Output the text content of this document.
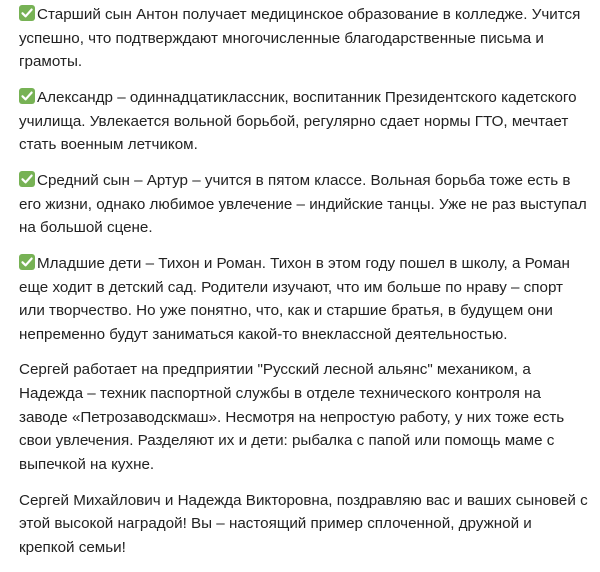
Старший сын Антон получает медицинское образование в колледже. Учится успешно, что подтверждают многочисленные благодарственные письма и грамоты.

Александр – одиннадцатиклассник, воспитанник Президентского кадетского училища. Увлекается вольной борьбой, регулярно сдает нормы ГТО, мечтает стать военным летчиком.

Средний сын – Артур – учится в пятом классе. Вольная борьба тоже есть в его жизни, однако любимое увлечение – индийские танцы. Уже не раз выступал на большой сцене.

Младшие дети – Тихон и Роман. Тихон в этом году пошел в школу, а Роман еще ходит в детский сад. Родители изучают, что им больше по нраву – спорт или творчество. Но уже понятно, что, как и старшие братья, в будущем они непременно будут заниматься какой-то внеклассной деятельностью.

Сергей работает на предприятии "Русский лесной альянс" механиком, а Надежда – техник паспортной службы в отделе технического контроля на заводе «Петрозаводскмаш». Несмотря на непростую работу, у них тоже есть свои увлечения. Разделяют их и дети: рыбалка с папой или помощь маме с выпечкой на кухне.

Сергей Михайлович и Надежда Викторовна, поздравляю вас и ваших сыновей с этой высокой наградой! Вы – настоящий пример сплоченной, дружной и крепкой семьи!
